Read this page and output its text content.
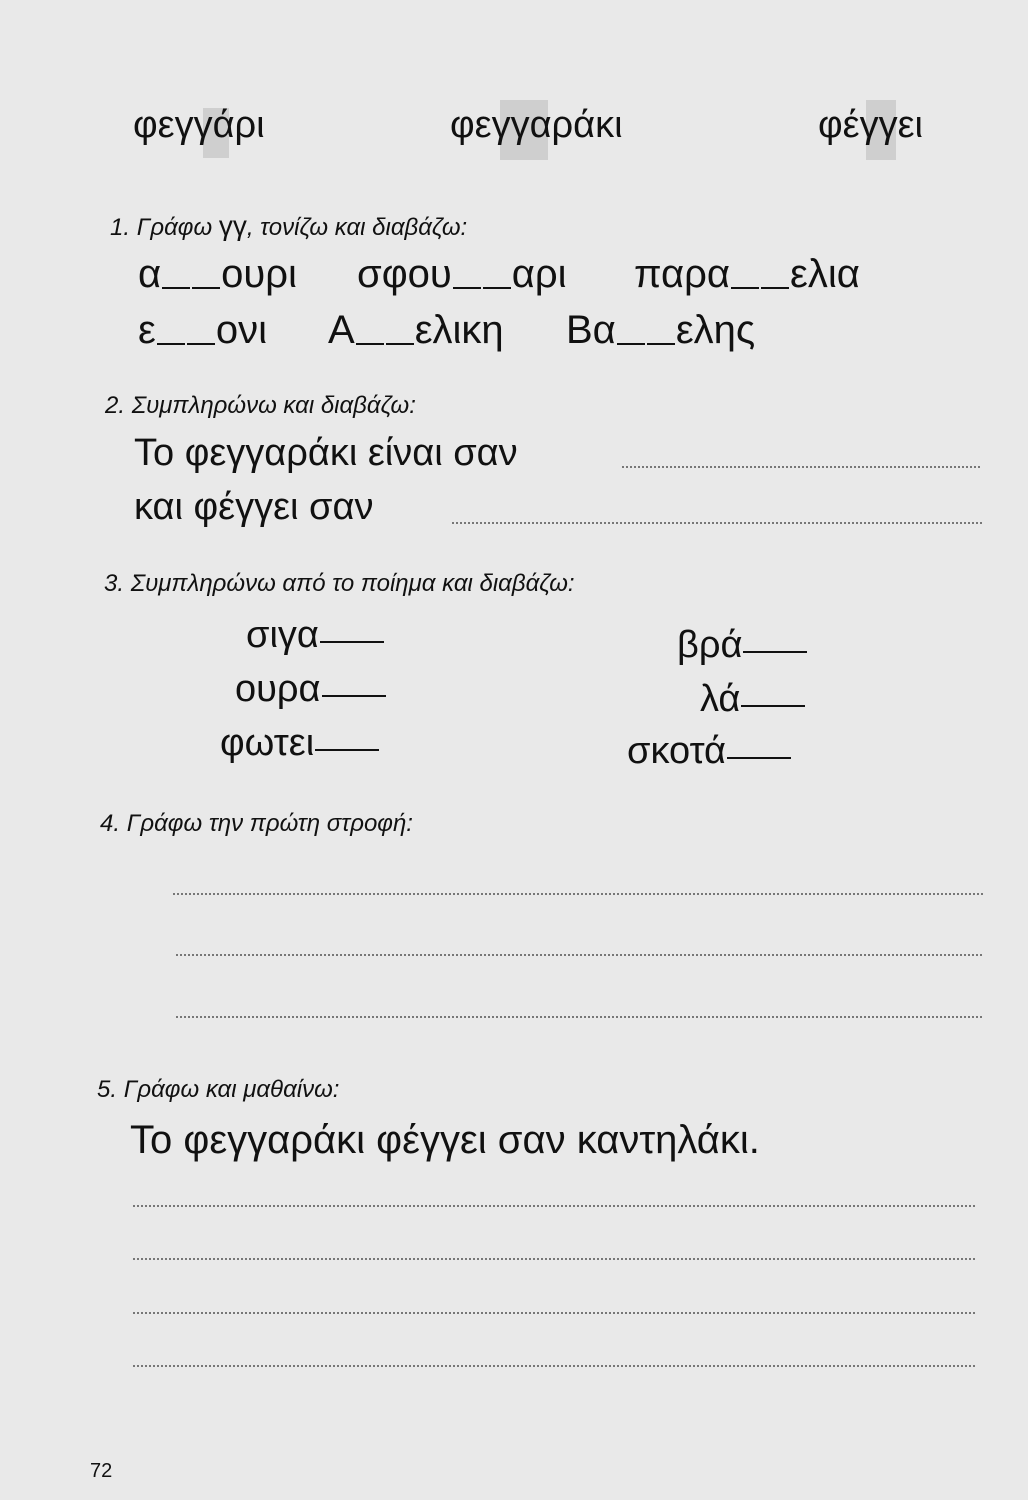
φεγγάρι	φεγγαράκι	φέγγει
1. Γράφω γγ, τονίζω και διαβάζω:
α ουρι σφου αρι παρα ελια
ε ονι Α ελικη Βα ελης
2. Συμπληρώνω και διαβάζω:
Το φεγγαράκι είναι σαν
και φέγγει σαν
3. Συμπληρώνω από το ποίημα και διαβάζω:
σιγα
ουρα
φωτει
βρά
λά
σκοτά
4. Γράφω την πρώτη στροφή:
5. Γράφω και μαθαίνω:
Το φεγγαράκι φέγγει σαν καντηλάκι.
72
